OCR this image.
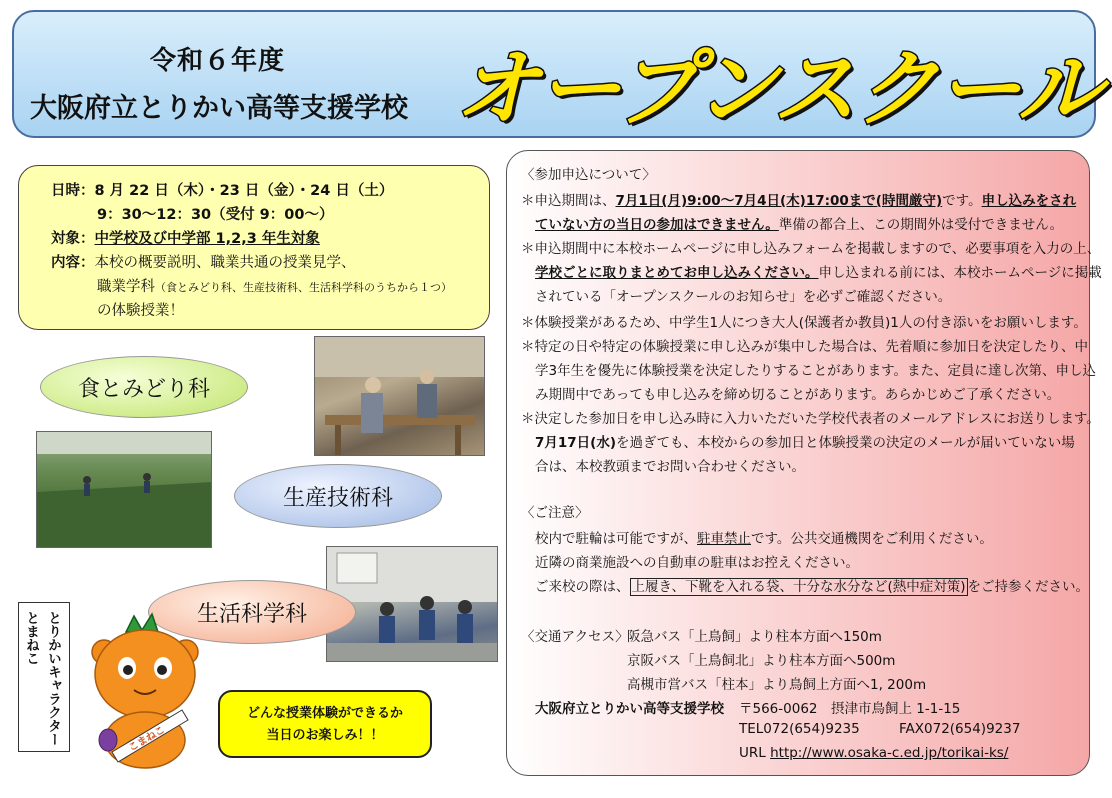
令和６年度
大阪府立とりかい高等支援学校 オープンスクール
日時：8 月 22 日（木）・23 日（金）・24 日（土）
9：30～12：30（受付 9：00～）
対象：中学校及び中学部 1,2,3 年生対象
内容：本校の概要説明、職業共通の授業見学、
職業学科（食とみどり科、生産技術科、生活科学科のうちから１つ）
の体験授業！
食とみどり科
生産技術科
生活科学科
とりかいキャラクター
とまねこ
こまねこ
どんな授業体験ができるか
当日のお楽しみ！！
〈参加申込について〉
＊申込期間は、7月1日(月)9:00～7月4日(木)17:00まで(時間厳守)です。申し込みをされ
ていない方の当日の参加はできません。準備の都合上、この期間外は受付できません。
＊申込期間中に本校ホームページに申し込みフォームを掲載しますので、必要事項を入力の上、
学校ごとに取りまとめてお申し込みください。申し込まれる前には、本校ホームページに掲載
されている「オープンスクールのお知らせ」を必ずご確認ください。
＊体験授業があるため、中学生1人につき大人(保護者か教員)1人の付き添いをお願いします。
＊特定の日や特定の体験授業に申し込みが集中した場合は、先着順に参加日を決定したり、中
学3年生を優先に体験授業を決定したりすることがあります。また、定員に達し次第、申し込
み期間中であっても申し込みを締め切ることがあります。あらかじめご了承ください。
＊決定した参加日を申し込み時に入力いただいた学校代表者のメールアドレスにお送りします。
7月17日(水)を過ぎても、本校からの参加日と体験授業の決定のメールが届いていない場
合は、本校教頭までお問い合わせください。
〈ご注意〉
校内で駐輪は可能ですが、駐車禁止です。公共交通機関をご利用ください。
近隣の商業施設への自動車の駐車はお控えください。
ご来校の際は、 上履き、下靴を入れる袋、十分な水分など(熱中症対策) をご持参ください。
〈交通アクセス〉
阪急バス「上鳥飼」より柱本方面へ150m
京阪バス「上鳥飼北」より柱本方面へ500m
高槻市営バス「柱本」より鳥飼上方面へ1, 200m
大阪府立とりかい高等支援学校 〒566-0062　摂津市鳥飼上 1-1-15
TEL072(654)9235	FAX072(654)9237
URL http://www.osaka-c.ed.jp/torikai-ks/
